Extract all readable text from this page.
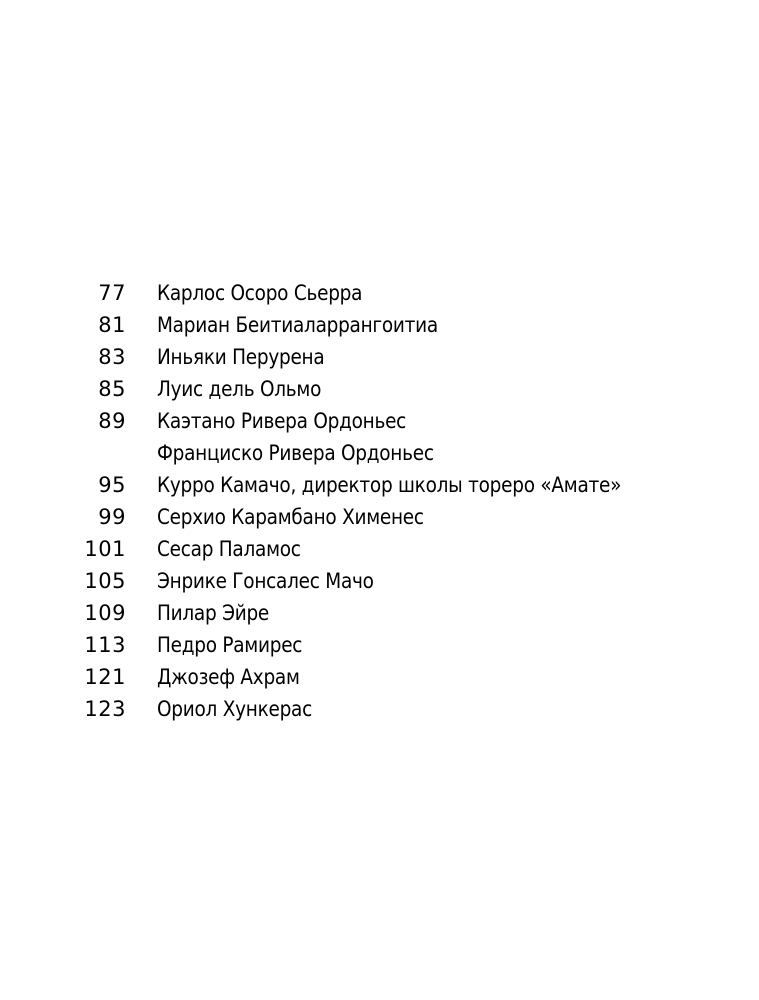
77 Карлос Осоро Сьерра
81 Мариан Беитиаларрангоитиа
83 Иньяки Перурена
85 Луис дель Ольмо
89 Каэтано Ривера Ордоньес
Франциско Ривера Ордоньес
95 Курро Камачо, директор школы тореро «Амате»
99 Серхио Карамбано Хименес
101 Сесар Паламос
105 Энрике Гонсалес Мачо
109 Пилар Эйре
113 Педро Рамирес
121 Джозеф Ахрам
123 Ориол Хункерас
